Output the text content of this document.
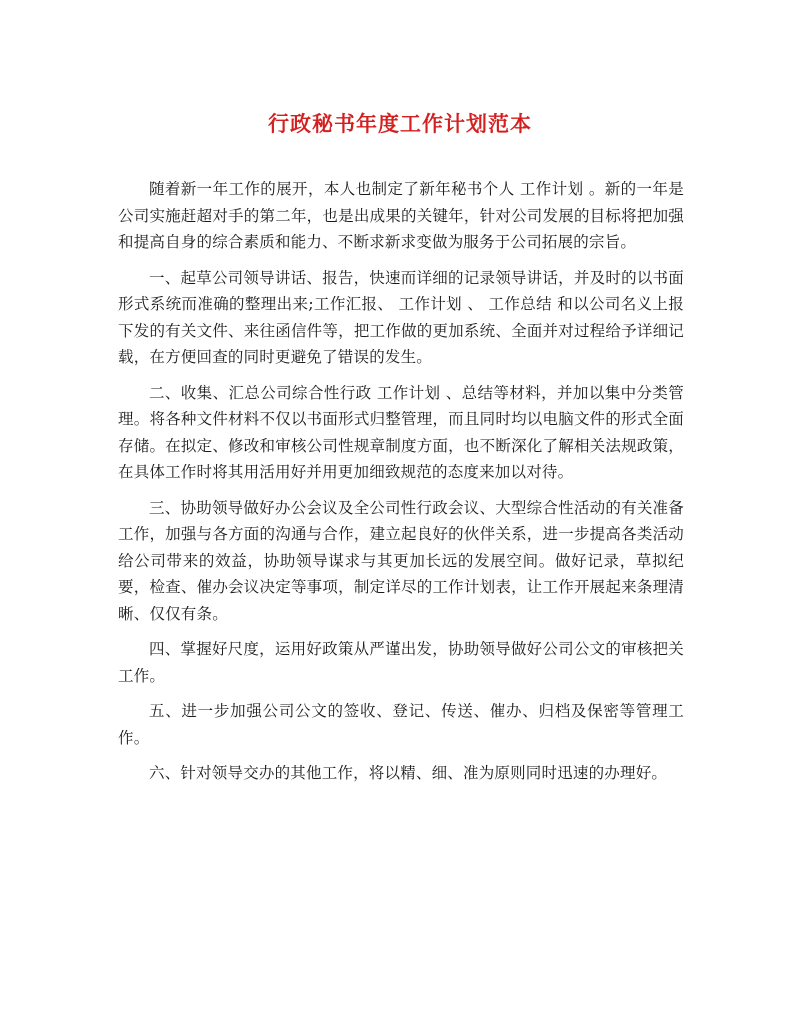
行政秘书年度工作计划范本

随着新一年工作的展开，本人也制定了新年秘书个人 工作计划 。新的一年是公司实施赶超对手的第二年，也是出成果的关键年，针对公司发展的目标将把加强和提高自身的综合素质和能力、不断求新求变做为服务于公司拓展的宗旨。

一、起草公司领导讲话、报告，快速而详细的记录领导讲话，并及时的以书面形式系统而准确的整理出来;工作汇报、 工作计划 、 工作总结 和以公司名义上报下发的有关文件、来往函信件等，把工作做的更加系统、全面并对过程给予详细记载，在方便回查的同时更避免了错误的发生。

二、收集、汇总公司综合性行政 工作计划 、总结等材料，并加以集中分类管理。将各种文件材料不仅以书面形式归整管理，而且同时均以电脑文件的形式全面存储。在拟定、修改和审核公司性规章制度方面，也不断深化了解相关法规政策，在具体工作时将其用活用好并用更加细致规范的态度来加以对待。

三、协助领导做好办公会议及全公司性行政会议、大型综合性活动的有关准备工作，加强与各方面的沟通与合作，建立起良好的伙伴关系，进一步提高各类活动给公司带来的效益，协助领导谋求与其更加长远的发展空间。做好记录，草拟纪要，检查、催办会议决定等事项，制定详尽的工作计划表，让工作开展起来条理清晰、仅仅有条。

四、掌握好尺度，运用好政策从严谨出发，协助领导做好公司公文的审核把关工作。

五、进一步加强公司公文的签收、登记、传送、催办、归档及保密等管理工作。

六、针对领导交办的其他工作，将以精、细、准为原则同时迅速的办理好。
